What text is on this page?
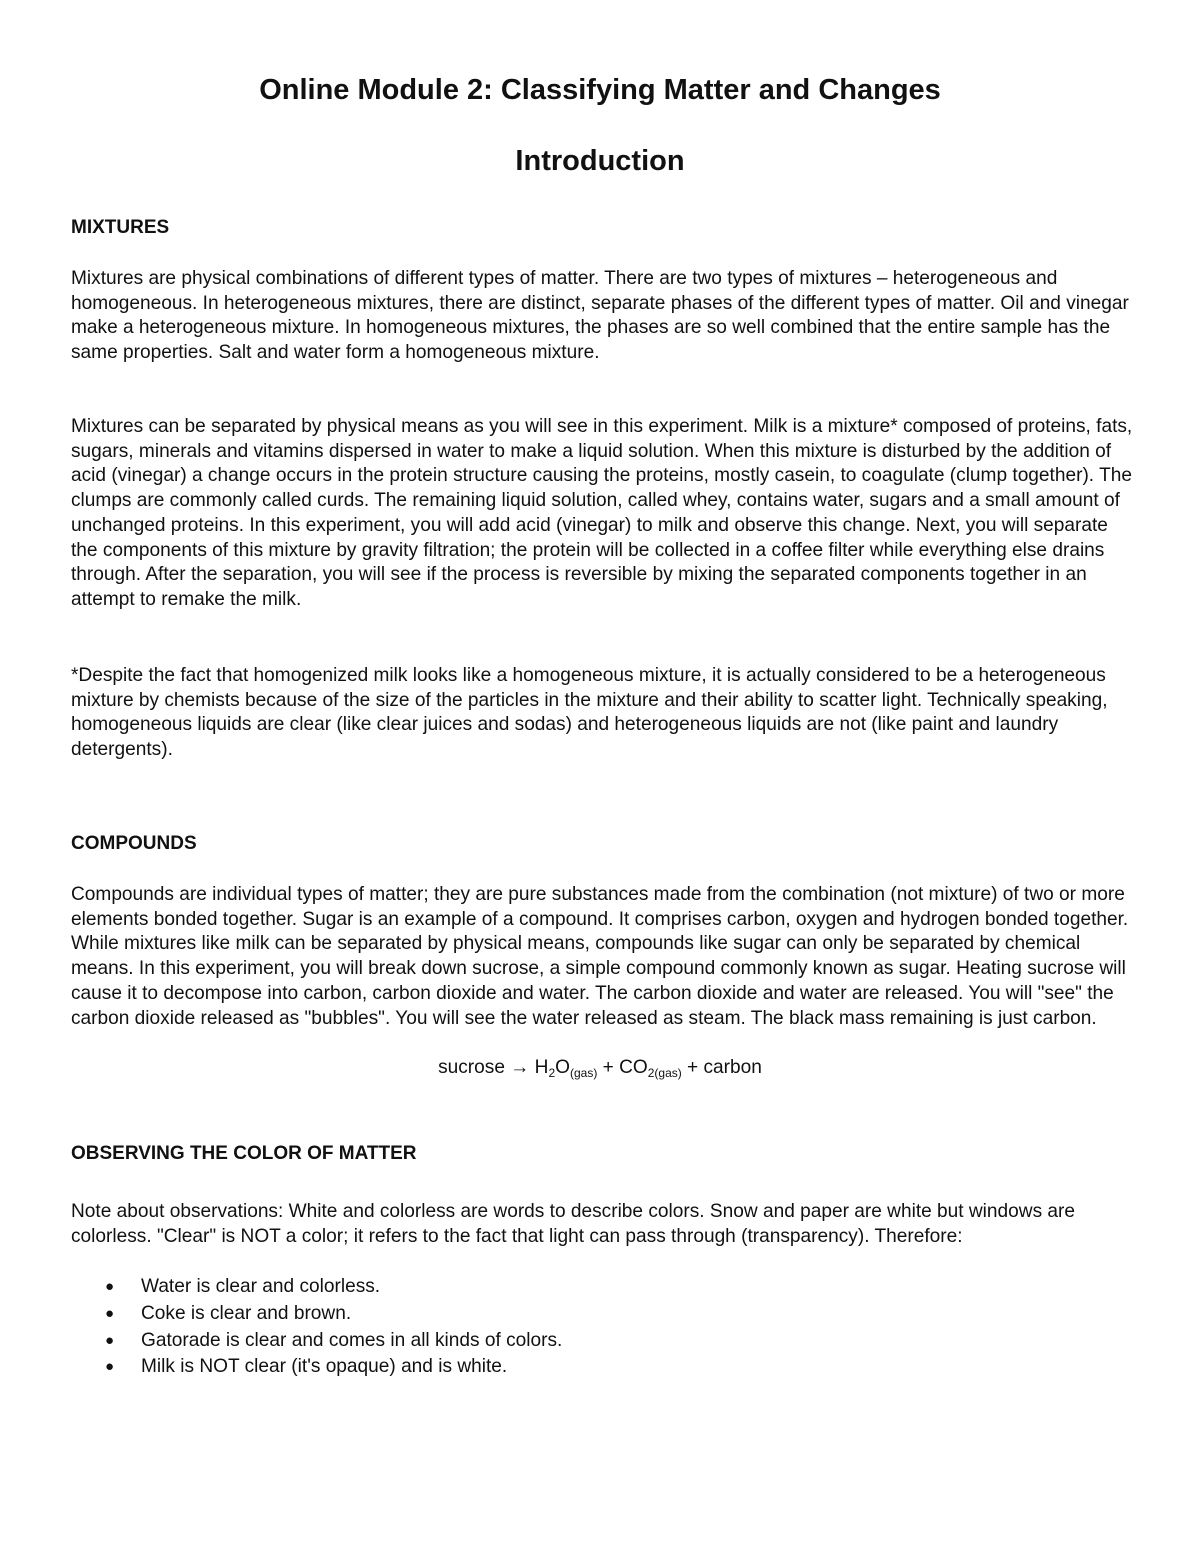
Online Module 2: Classifying Matter and Changes
Introduction
MIXTURES

Mixtures are physical combinations of different types of matter. There are two types of mixtures – heterogeneous and homogeneous. In heterogeneous mixtures, there are distinct, separate phases of the different types of matter. Oil and vinegar make a heterogeneous mixture. In homogeneous mixtures, the phases are so well combined that the entire sample has the same properties. Salt and water form a homogeneous mixture.

Mixtures can be separated by physical means as you will see in this experiment. Milk is a mixture* composed of proteins, fats, sugars, minerals and vitamins dispersed in water to make a liquid solution. When this mixture is disturbed by the addition of acid (vinegar) a change occurs in the protein structure causing the proteins, mostly casein, to coagulate (clump together). The clumps are commonly called curds. The remaining liquid solution, called whey, contains water, sugars and a small amount of unchanged proteins. In this experiment, you will add acid (vinegar) to milk and observe this change. Next, you will separate the components of this mixture by gravity filtration; the protein will be collected in a coffee filter while everything else drains through. After the separation, you will see if the process is reversible by mixing the separated components together in an attempt to remake the milk.

*Despite the fact that homogenized milk looks like a homogeneous mixture, it is actually considered to be a heterogeneous mixture by chemists because of the size of the particles in the mixture and their ability to scatter light. Technically speaking, homogeneous liquids are clear (like clear juices and sodas) and heterogeneous liquids are not (like paint and laundry detergents).

COMPOUNDS

Compounds are individual types of matter; they are pure substances made from the combination (not mixture) of two or more elements bonded together. Sugar is an example of a compound. It comprises carbon, oxygen and hydrogen bonded together. While mixtures like milk can be separated by physical means, compounds like sugar can only be separated by chemical means. In this experiment, you will break down sucrose, a simple compound commonly known as sugar. Heating sucrose will cause it to decompose into carbon, carbon dioxide and water. The carbon dioxide and water are released. You will "see" the carbon dioxide released as "bubbles". You will see the water released as steam. The black mass remaining is just carbon.

sucrose → $H_2O_{(gas)} + CO_{2(gas)}$ + carbon

OBSERVING THE COLOR OF MATTER

Note about observations: White and colorless are words to describe colors. Snow and paper are white but windows are colorless. "Clear" is NOT a color; it refers to the fact that light can pass through (transparency). Therefore:

● Water is clear and colorless.
● Coke is clear and brown.
● Gatorade is clear and comes in all kinds of colors.
● Milk is NOT clear (it's opaque) and is white.
